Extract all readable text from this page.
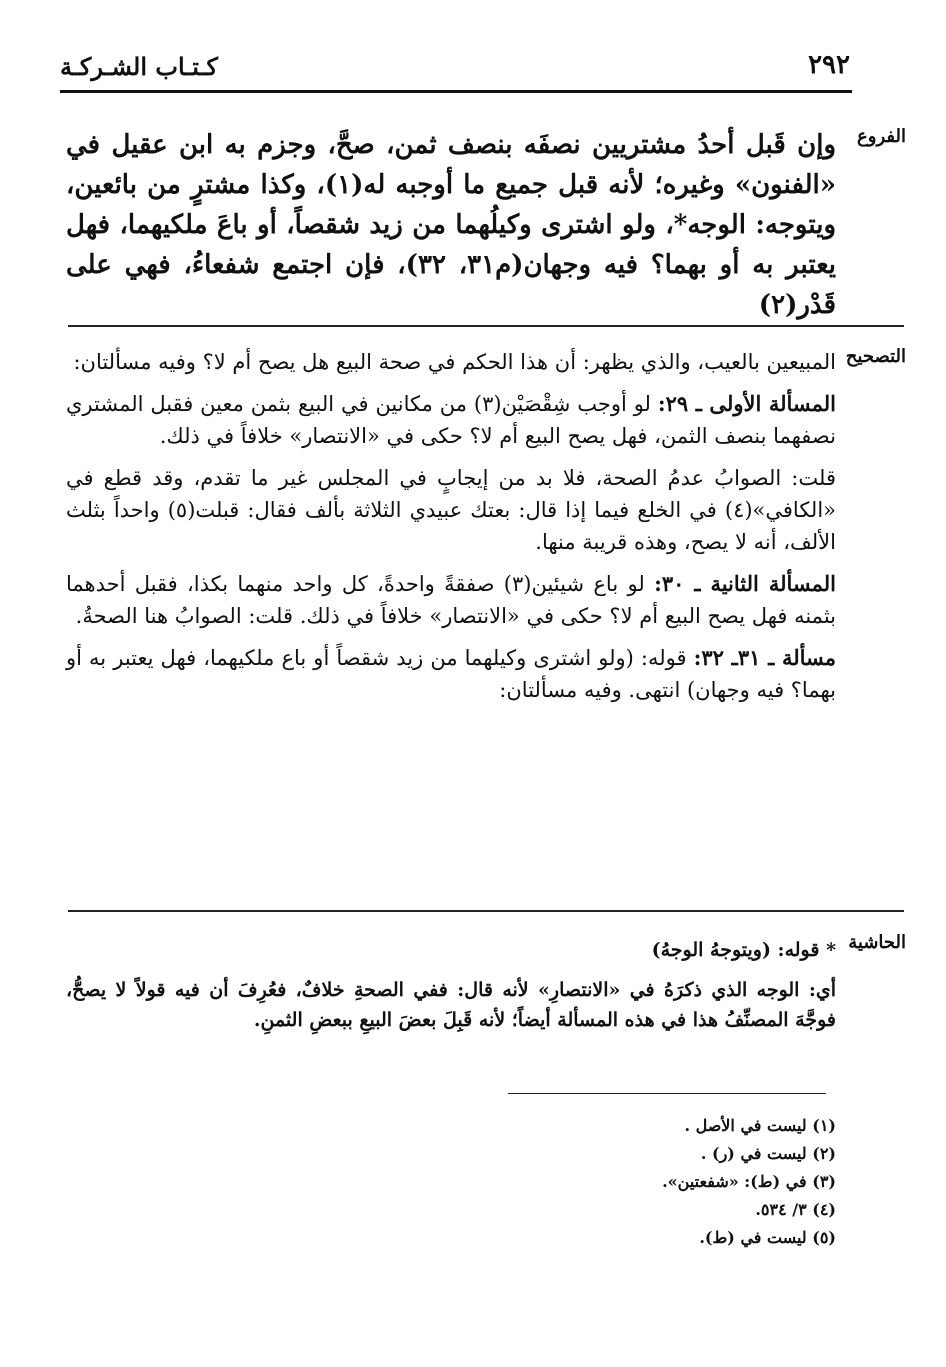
٢٩٢
كـتـاب الشـركـة
الفروع
وإن قَبل أحدُ مشتريين نصفَه بنصف ثمن، صحَّ، وجزم به ابن عقيل في «الفنون» وغيره؛ لأنه قبل جميع ما أوجبه له(١)، وكذا مشترٍ من بائعين، ويتوجه: الوجه*، ولو اشترى وكيلُهما من زيد شقصاً، أو باعَ ملكيهما، فهل يعتبر به أو بهما؟ فيه وجهان(م٣١، ٣٢)، فإن اجتمع شفعاءُ، فهي على قَدْر(٢)
التصحيح

المبيعين بالعيب، والذي يظهر: أن هذا الحكم في صحة البيع هل يصح أم لا؟ وفيه مسألتان:

المسألة الأولى ـ ٢٩: لو أوجب شِقْصَيْن(٣) من مكانين في البيع بثمن معين فقبل المشتري نصفهما بنصف الثمن، فهل يصح البيع أم لا؟ حكى في «الانتصار» خلافاً في ذلك.

قلت: الصوابُ عدمُ الصحة، فلا بد من إيجابٍ في المجلس غير ما تقدم، وقد قطع في «الكافي»(٤) في الخلع فيما إذا قال: بعتك عبيدي الثلاثة بألف فقال: قبلت(٥) واحداً بثلث الألف، أنه لا يصح، وهذه قريبة منها.

المسألة الثانية ـ ٣٠: لو باع شيئين(٣) صفقةً واحدةً، كل واحد منهما بكذا، فقبل أحدهما بثمنه فهل يصح البيع أم لا؟ حكى في «الانتصار» خلافاً في ذلك. قلت: الصوابُ هنا الصحةُ.

مسألة ـ ٣١ـ ٣٢: قوله: (ولو اشترى وكيلهما من زيد شقصاً أو باع ملكيهما، فهل يعتبر به أو بهما؟ فيه وجهان) انتهى. وفيه مسألتان:

الحاشية

* قوله: (ويتوجهُ الوجهُ)

أي: الوجه الذي ذكرَهُ في «الانتصارِ» لأنه قال: ففي الصحةِ خلافٌ، فعُرِفَ أن فيه قولاً لا يصحُّ، فوجَّهَ المصنِّفُ هذا في هذه المسألة أيضاً؛ لأنه قَبِلَ بعضَ البيعِ ببعضِ الثمنِ.

(١) ليست في الأصل .
(٢) ليست في (ر) .
(٣) في (ط): «شفعتين».
(٤) ٣/ ٥٣٤.
(٥) ليست في (ط).
